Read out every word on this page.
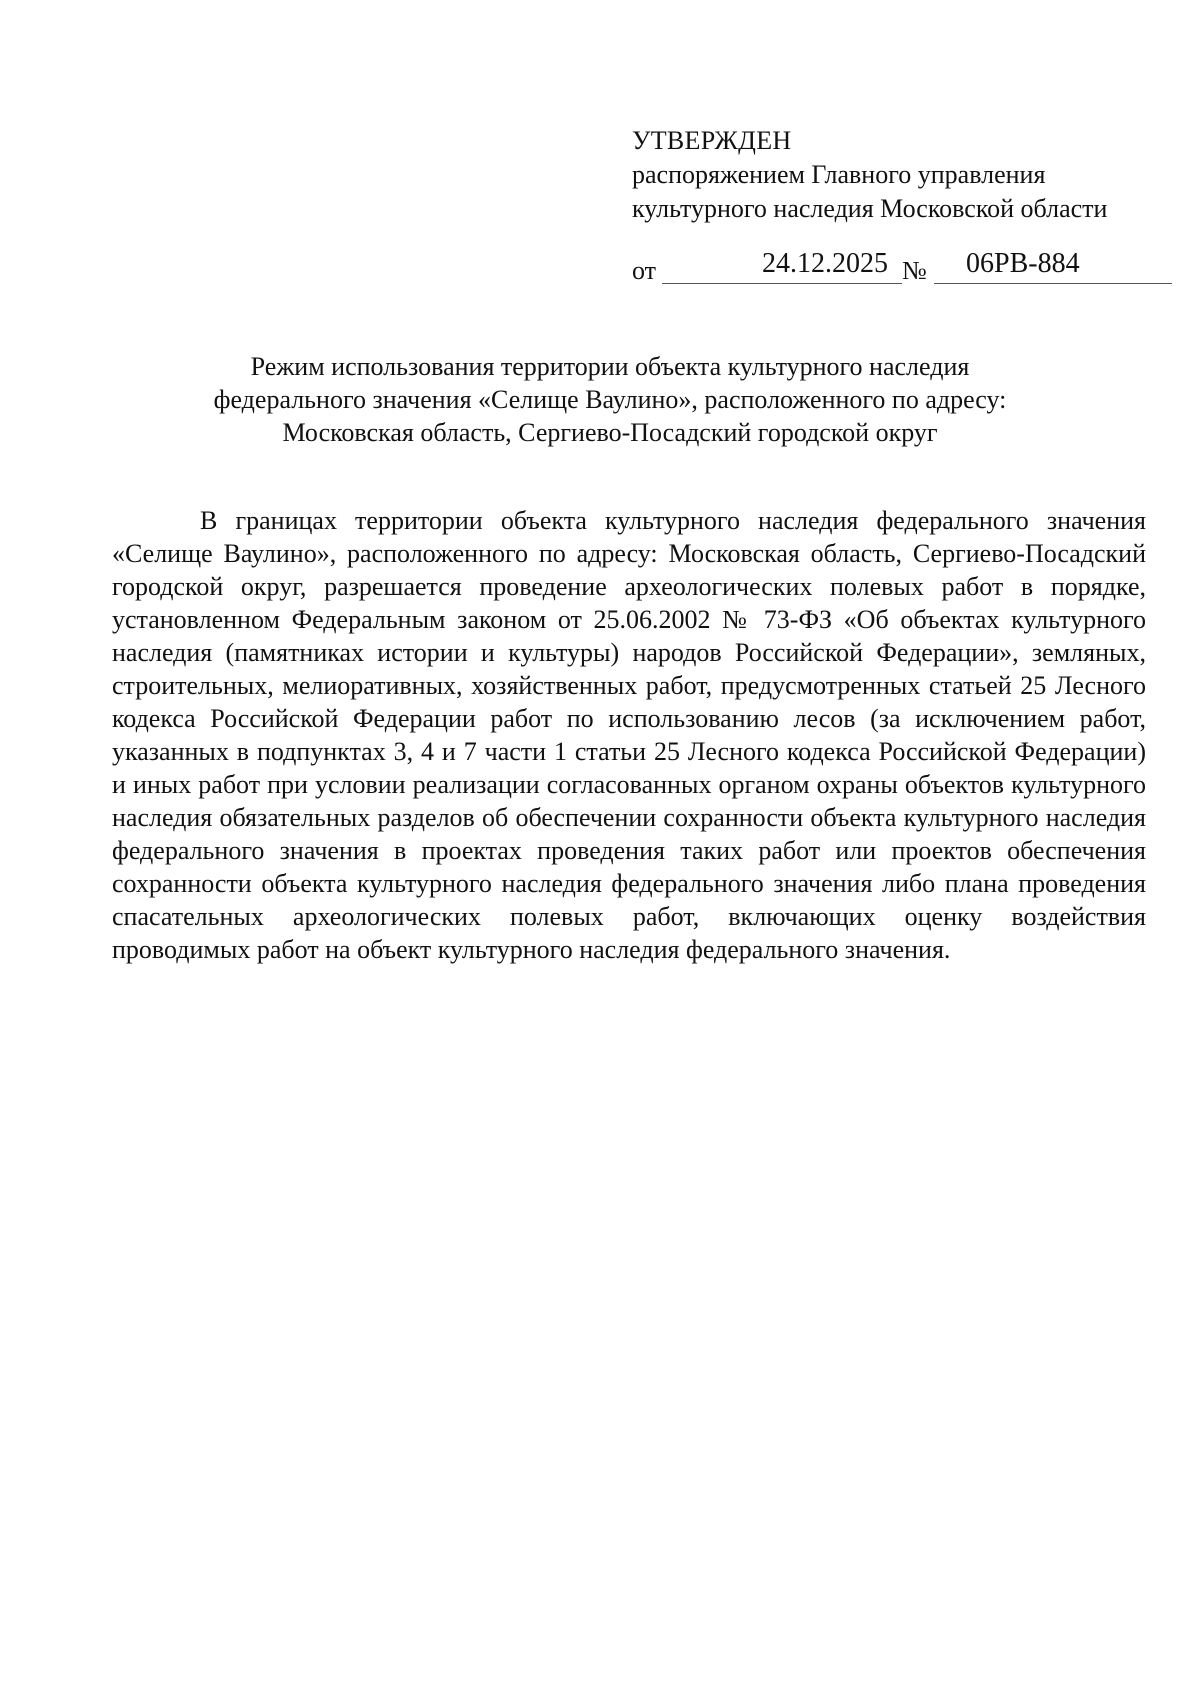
УТВЕРЖДЕН
распоряжением Главного управления
культурного наследия Московской области
от	24.12.2025 №	06РВ-884
Режим использования территории объекта культурного наследия
федерального значения «Селище Ваулино», расположенного по адресу:
Московская область, Сергиево-Посадский городской округ

В границах территории объекта культурного наследия федерального значения «Селище Ваулино», расположенного по адресу: Московская область, Сергиево-Посадский городской округ, разрешается проведение археологических полевых работ в порядке, установленном Федеральным законом от 25.06.2002 № 73-ФЗ «Об объектах культурного наследия (памятниках истории и культуры) народов Российской Федерации», земляных, строительных, мелиоративных, хозяйственных работ, предусмотренных статьей 25 Лесного кодекса Российской Федерации работ по использованию лесов (за исключением работ, указанных в подпунктах 3, 4 и 7 части 1 статьи 25 Лесного кодекса Российской Федерации) и иных работ при условии реализации согласованных органом охраны объектов культурного наследия обязательных разделов об обеспечении сохранности объекта культурного наследия федерального значения в проектах проведения таких работ или проектов обеспечения сохранности объекта культурного наследия федерального значения либо плана проведения спасательных археологических полевых работ, включающих оценку воздействия проводимых работ на объект культурного наследия федерального значения.
